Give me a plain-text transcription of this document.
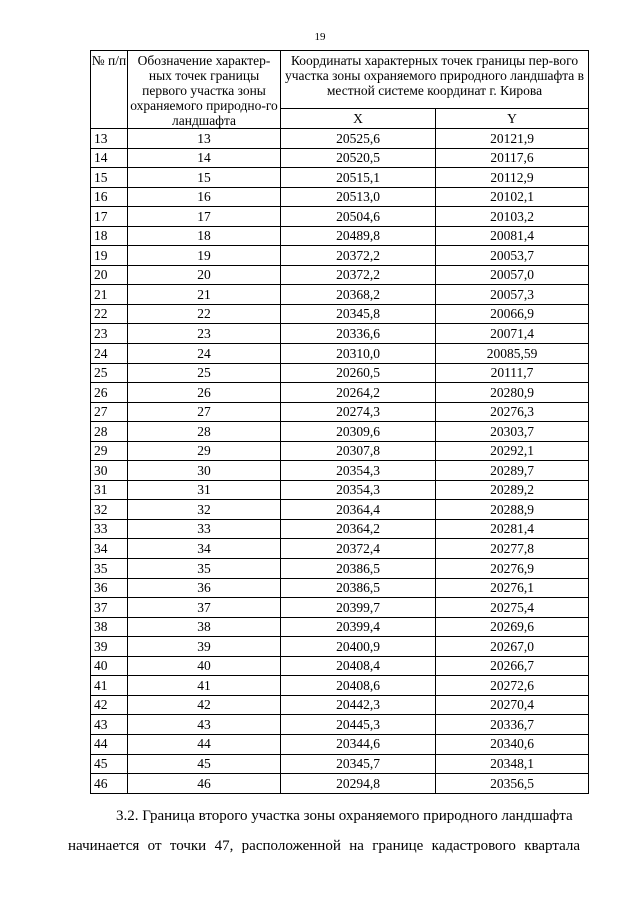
19
№ п/п	Обозначение характер-ных точек границы первого участка зоны охраняемого природно-го ландшафта	Координаты характерных точек границы пер-вого участка зоны охраняемого природного ландшафта в местной системе координат г. Кирова	
		X	Y
13	13	20525,6	20121,9
14	14	20520,5	20117,6
15	15	20515,1	20112,9
16	16	20513,0	20102,1
17	17	20504,6	20103,2
18	18	20489,8	20081,4
19	19	20372,2	20053,7
20	20	20372,2	20057,0
21	21	20368,2	20057,3
22	22	20345,8	20066,9
23	23	20336,6	20071,4
24	24	20310,0	20085,59
25	25	20260,5	20111,7
26	26	20264,2	20280,9
27	27	20274,3	20276,3
28	28	20309,6	20303,7
29	29	20307,8	20292,1
30	30	20354,3	20289,7
31	31	20354,3	20289,2
32	32	20364,4	20288,9
33	33	20364,2	20281,4
34	34	20372,4	20277,8
35	35	20386,5	20276,9
36	36	20386,5	20276,1
37	37	20399,7	20275,4
38	38	20399,4	20269,6
39	39	20400,9	20267,0
40	40	20408,4	20266,7
41	41	20408,6	20272,6
42	42	20442,3	20270,4
43	43	20445,3	20336,7
44	44	20344,6	20340,6
45	45	20345,7	20348,1
46	46	20294,8	20356,5
3.2. Граница второго участка зоны охраняемого природного ландшафта
начинается от точки 47, расположенной на границе кадастрового квартала
